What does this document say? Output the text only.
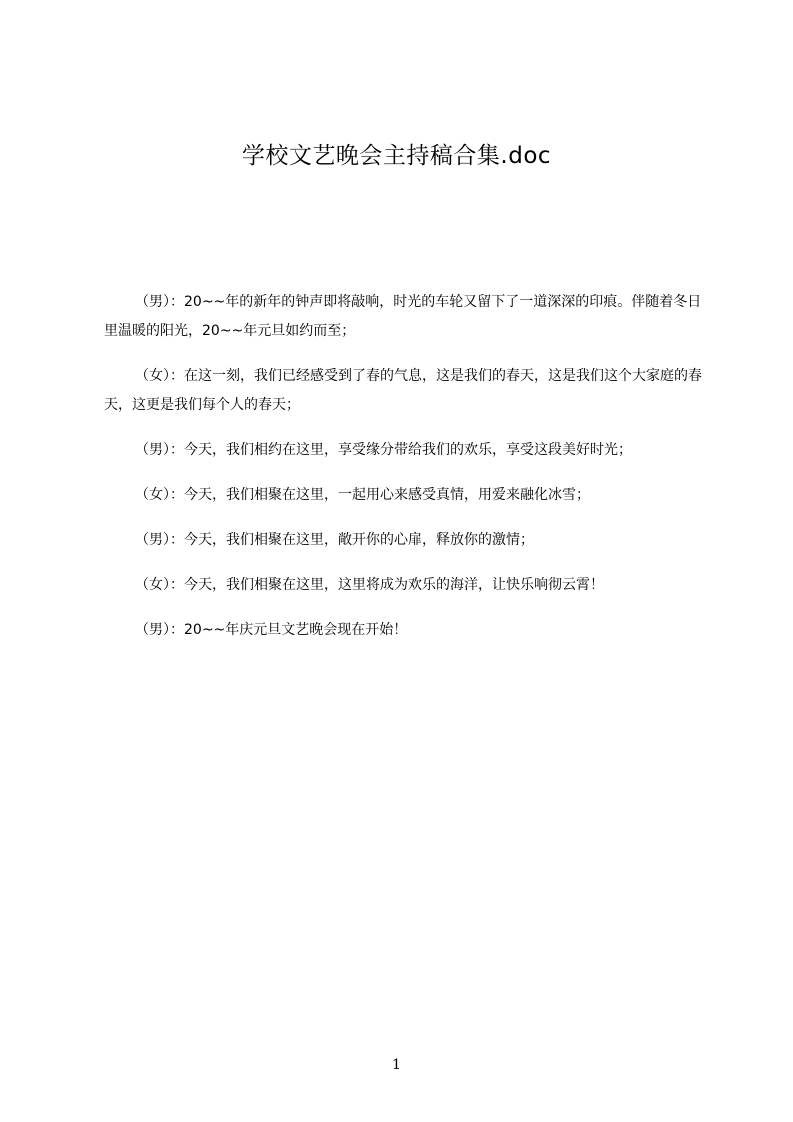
学校文艺晚会主持稿合集.doc

（男）：20~~年的新年的钟声即将敲响，时光的车轮又留下了一道深深的印痕。伴随着冬日里温暖的阳光，20~~年元旦如约而至；

（女）：在这一刻，我们已经感受到了春的气息，这是我们的春天，这是我们这个大家庭的春天，这更是我们每个人的春天；

（男）：今天，我们相约在这里，享受缘分带给我们的欢乐，享受这段美好时光；

（女）：今天，我们相聚在这里，一起用心来感受真情，用爱来融化冰雪；

（男）：今天，我们相聚在这里，敞开你的心扉，释放你的激情；

（女）：今天，我们相聚在这里，这里将成为欢乐的海洋，让快乐响彻云霄！

（男）：20~~年庆元旦文艺晚会现在开始！

1
